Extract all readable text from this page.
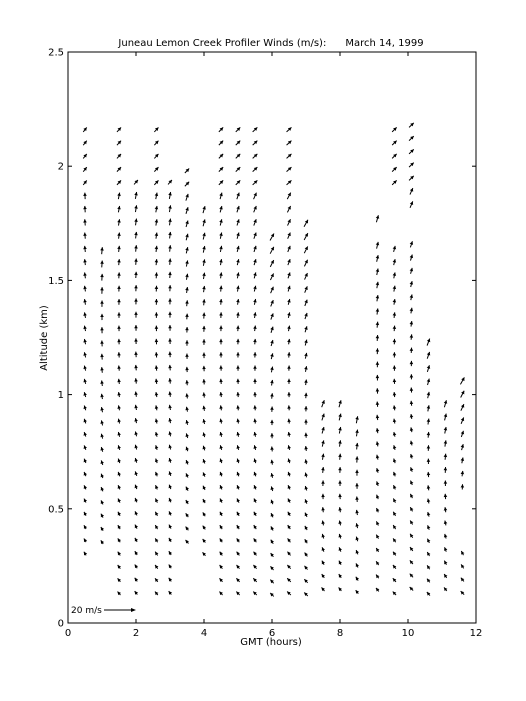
Juneau Lemon Creek Profiler Winds (m/s):      March 14, 1999
0	2	4	6	8	10	12
0
0.5
1
1.5
2
2.5
GMT (hours)
Altitude (km)
20 m/s
